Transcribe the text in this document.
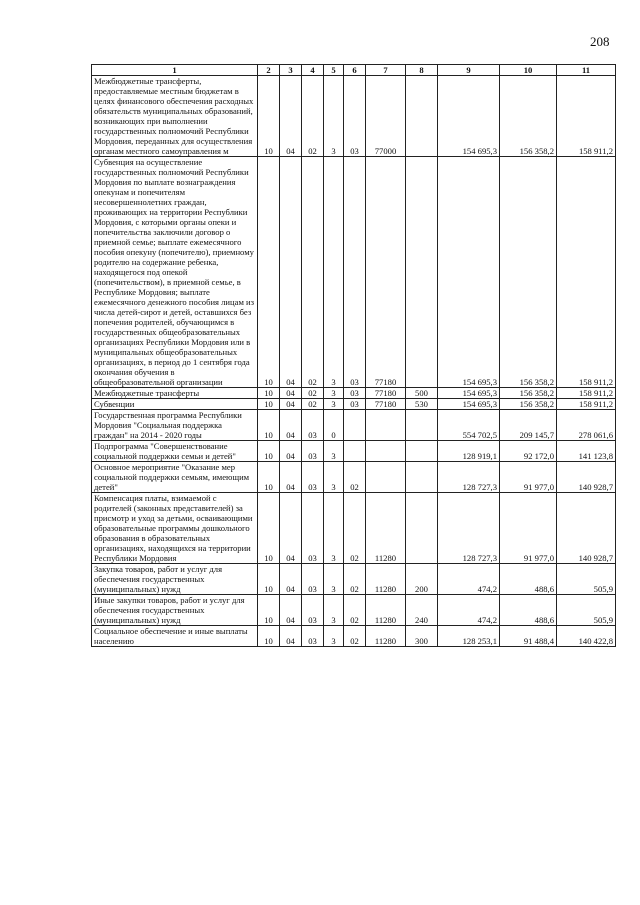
208
1	2	3	4	5	6	7	8	9	10	11
Межбюджетные трансферты, предоставляемые местным бюджетам в целях финансового обеспечения расходных обязательств муниципальных образований, возникающих при выполнении государственных полномочий Республики Мордовия, переданных для осуществления органам местного самоуправления м	10	04	02	3	03	77000		154 695,3	156 358,2	158 911,2
Субвенция на осуществление государственных полномочий Республики Мордовия по выплате вознаграждения опекунам и попечителям несовершеннолетних граждан, проживающих на территории Республики Мордовия, с которыми органы опеки и попечительства заключили договор о приемной семье; выплате ежемесячного пособия опекуну (попечителю), приемному родителю на содержание ребенка, находящегося под опекой (попечительством), в приемной семье, в Республике Мордовия; выплате ежемесячного денежного пособия лицам из числа детей-сирот и детей, оставшихся без попечения родителей, обучающимся в государственных общеобразовательных организациях Республики Мордовия или в муниципальных общеобразовательных организациях, в период до 1 сентября года окончания обучения в общеобразовательной организации	10	04	02	3	03	77180		154 695,3	156 358,2	158 911,2
Межбюджетные трансферты	10	04	02	3	03	77180	500	154 695,3	156 358,2	158 911,2
Субвенции	10	04	02	3	03	77180	530	154 695,3	156 358,2	158 911,2
Государственная программа Республики Мордовия "Социальная поддержка граждан" на 2014 - 2020 годы	10	04	03	0				554 702,5	209 145,7	278 061,6
Подпрограмма "Совершенствование социальной поддержки семьи и детей"	10	04	03	3				128 919,1	92 172,0	141 123,8
Основное мероприятие "Оказание мер социальной поддержки семьям, имеющим детей"	10	04	03	3	02			128 727,3	91 977,0	140 928,7
Компенсация платы, взимаемой с родителей (законных представителей) за присмотр и уход за детьми, осваивающими образовательные программы дошкольного образования в образовательных организациях, находящихся на территории Республики Мордовия	10	04	03	3	02	11280		128 727,3	91 977,0	140 928,7
Закупка товаров, работ и услуг для обеспечения государственных (муниципальных) нужд	10	04	03	3	02	11280	200	474,2	488,6	505,9
Иные закупки товаров, работ и услуг для обеспечения государственных (муниципальных) нужд	10	04	03	3	02	11280	240	474,2	488,6	505,9
Социальное обеспечение и иные выплаты населению	10	04	03	3	02	11280	300	128 253,1	91 488,4	140 422,8
